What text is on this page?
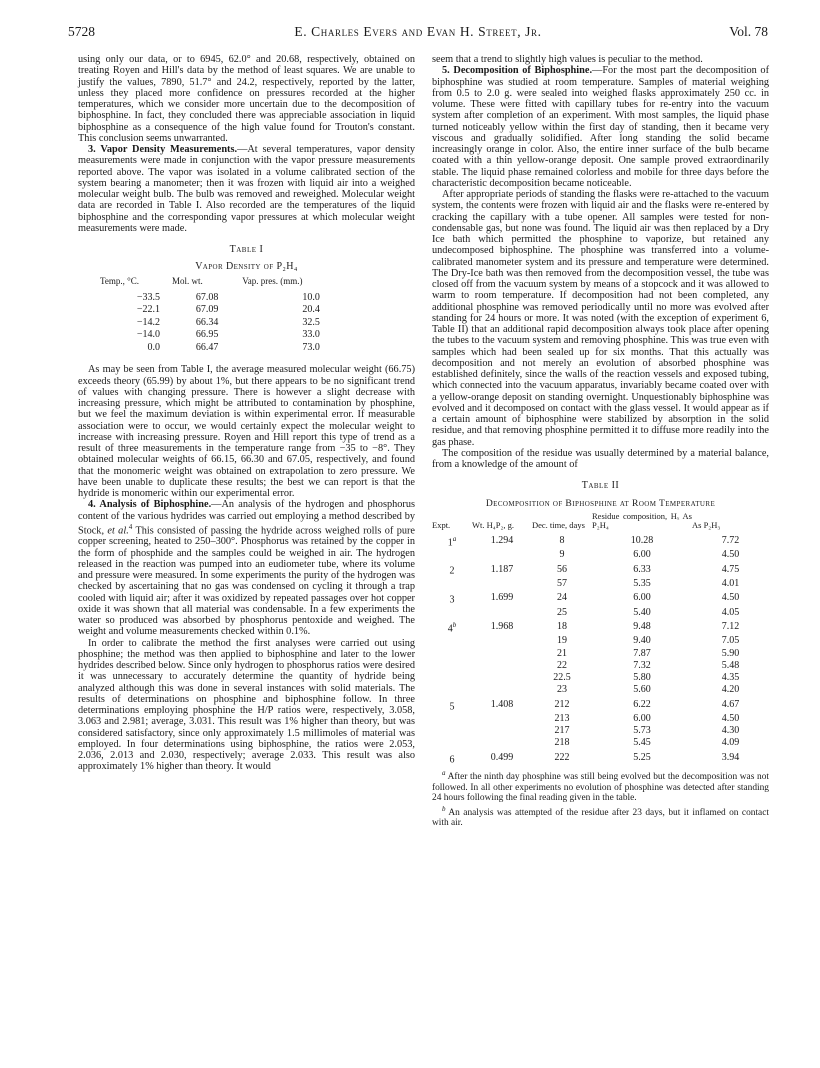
5728	E. Charles Evers and Evan H. Street, Jr.	Vol. 78

using only our data, or to 6945, 62.0° and 20.68, respectively, obtained on treating Royen and Hill's data by the method of least squares. We are unable to justify the values, 7890, 51.7° and 24.2, respectively, reported by the latter, unless they placed more confidence on pressures recorded at the higher temperatures, which we consider more uncertain due to the decomposition of biphosphine. In fact, they concluded there was appreciable association in liquid biphosphine as a consequence of the high value found for Trouton's constant. This conclusion seems unwarranted.

3. Vapor Density Measurements.—At several temperatures, vapor density measurements were made in conjunction with the vapor pressure measurements reported above. The vapor was isolated in a volume calibrated section of the system bearing a manometer; then it was frozen with liquid air into a weighed molecular weight bulb. The bulb was removed and reweighed. Molecular weight data are recorded in Table I. Also recorded are the temperatures of the liquid biphosphine and the corresponding vapor pressures at which molecular weight measurements were made.

Table I
Vapor Density of P₂H₄
Temp., °C.	Mol. wt.	Vap. pres. (mm.)
−33.5	67.08	10.0
−22.1	67.09	20.4
−14.2	66.34	32.5
−14.0	66.95	33.0
0.0	66.47	73.0

As may be seen from Table I, the average measured molecular weight (66.75) exceeds theory (65.99) by about 1%, but there appears to be no significant trend of values with changing pressure. There is however a slight decrease with increasing pressure, which might be attributed to contamination by phosphine, but we feel the maximum deviation is within experimental error. If measurable association were to occur, we would certainly expect the molecular weight to increase with increasing pressure. Royen and Hill report this type of trend as a result of three measurements in the temperature range from −35 to −8°. They obtained molecular weights of 66.15, 66.30 and 67.05, respectively, and found that the monomeric weight was obtained on extrapolation to zero pressure. We have been unable to duplicate these results; the best we can report is that the hydride is monomeric within our experimental error.

4. Analysis of Biphosphine.—An analysis of the hydrogen and phosphorus content of the various hydrides was carried out employing a method described by Stock, et al.$^4$ This consisted of passing the hydride across weighed rolls of pure copper screening, heated to 250–300°. Phosphorus was retained by the copper in the form of phosphide and the samples could be weighed in air. The hydrogen released in the reaction was pumped into an eudiometer tube, where its volume and pressure were measured. In some experiments the purity of the hydrogen was checked by ascertaining that no gas was condensed on cycling it through a trap cooled with liquid air; after it was oxidized by repeated passages over hot copper oxide it was shown that all material was condensable. In a few experiments the water so produced was absorbed by phosphorus pentoxide and weighed. The weight and volume measurements checked within 0.1%.

In order to calibrate the method the first analyses were carried out using phosphine; the method was then applied to biphosphine and later to the lower hydrides described below. Since only hydrogen to phosphorus ratios were desired it was unnecessary to accurately determine the quantity of hydride being analyzed although this was done in several instances with solid materials. The results of determinations on phosphine and biphosphine follow. In three determinations employing phosphine the H/P ratios were, respectively, 3.058, 3.063 and 2.981; average, 3.031. This result was 1% higher than theory, but was considered satisfactory, since only approximately 1.5 millimoles of material was employed. In four determinations using biphosphine, the ratios were 2.053, 2.036, 2.013 and 2.030, respectively; average 2.033. This result was also approximately 1% higher than theory. It would

seem that a trend to slightly high values is peculiar to the method.

5. Decomposition of Biphosphine.—For the most part the decomposition of biphosphine was studied at room temperature. Samples of material weighing from 0.5 to 2.0 g. were sealed into weighed flasks approximately 250 cc. in volume. These were fitted with capillary tubes for re-entry into the vacuum system after completion of an experiment. With most samples, the liquid phase turned noticeably yellow within the first day of standing, then it became very viscous and gradually solidified. After long standing the solid became increasingly orange in color. Also, the entire inner surface of the bulb became coated with a thin yellow-orange deposit. One sample proved extraordinarily stable. The liquid phase remained colorless and mobile for three days before the characteristic decomposition became noticeable.

After appropriate periods of standing the flasks were re-attached to the vacuum system, the contents were frozen with liquid air and the flasks were re-entered by cracking the capillary with a tube opener. All samples were tested for non-condensable gas, but none was found. The liquid air was then replaced by a Dry Ice bath which permitted the phosphine to vaporize, but retained any undecomposed biphosphine. The phosphine was transferred into a volume-calibrated manometer system and its pressure and temperature were determined. The Dry-Ice bath was then removed from the decomposition vessel, the tube was closed off from the vacuum system by means of a stopcock and it was allowed to warm to room temperature. If decomposition had not been completed, any additional phosphine was removed periodically until no more was evolved after standing for 24 hours or more. It was noted (with the exception of experiment 6, Table II) that an additional rapid decomposition always took place after opening the tubes to the vacuum system and removing phosphine. This was true even with samples which had been sealed up for six months. That this actually was decomposition and not merely an evolution of absorbed phosphine was established definitely, since the walls of the reaction vessels and exposed tubing, which connected into the vacuum apparatus, invariably became coated over with a yellow-orange deposit on standing overnight. Unquestionably biphosphine was evolved and it decomposed on contact with the glass vessel. It would appear as if a certain amount of biphosphine were stabilized by absorption in the solid residue, and that removing phosphine permitted it to diffuse more readily into the gas phase.

The composition of the residue was usually determined by a material balance, from a knowledge of the amount of

Table II
Decomposition of Biphosphine at Room Temperature
Expt.	Wt. H₄P₂, g.	Dec. time, days	Residue composition, Hₓ As P₂H₄	As P₂H₃
1$^a$	1.294	8	10.28	7.72
		9	6.00	4.50
2	1.187	56	6.33	4.75
		57	5.35	4.01
3	1.699	24	6.00	4.50
		25	5.40	4.05
4$^b$	1.968	18	9.48	7.12
		19	9.40	7.05
		21	7.87	5.90
		22	7.32	5.48
		22.5	5.80	4.35
		23	5.60	4.20
5	1.408	212	6.22	4.67
		213	6.00	4.50
		217	5.73	4.30
		218	5.45	4.09
6	0.499	222	5.25	3.94

$^a$ After the ninth day phosphine was still being evolved but the decomposition was not followed. In all other experiments no evolution of phosphine was detected after standing 24 hours following the final reading given in the table.

$^b$ An analysis was attempted of the residue after 23 days, but it inflamed on contact with air.
